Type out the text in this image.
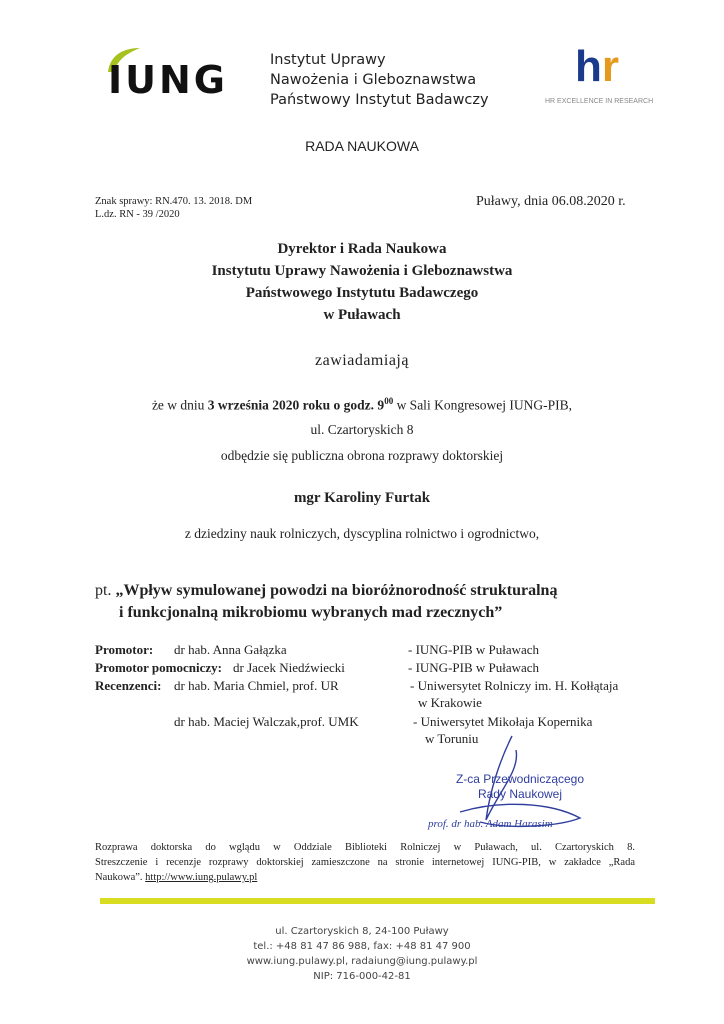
IUNG	Instytut Uprawy
Nawożenia i Gleboznawstwa
Państwowy Instytut Badawczy
hr
HR EXCELLENCE IN RESEARCH
RADA NAUKOWA
Znak sprawy: RN.470. 13. 2018. DM
L.dz. RN - 39 /2020
Puławy, dnia 06.08.2020 r.
Dyrektor i Rada Naukowa
Instytutu Uprawy Nawożenia i Gleboznawstwa
Państwowego Instytutu Badawczego
w Puławach
zawiadamiają
że w dniu 3 września 2020 roku o godz. $9^{00}$ w Sali Kongresowej IUNG-PIB,
ul. Czartoryskich 8
odbędzie się publiczna obrona rozprawy doktorskiej
mgr Karoliny Furtak
z dziedziny nauk rolniczych, dyscyplina rolnictwo i ogrodnictwo,
pt. „Wpływ symulowanej powodzi na bioróżnorodność strukturalną
i funkcjonalną mikrobiomu wybranych mad rzecznych”
Promotor: dr hab. Anna Gałązka	- IUNG-PIB w Puławach
Promotor pomocniczy: dr Jacek Niedźwiecki	- IUNG-PIB w Puławach
Recenzenci: dr hab. Maria Chmiel, prof. UR	- Uniwersytet Rolniczy im. H. Kołłątaja
w Krakowie
dr hab. Maciej Walczak,prof. UMK	- Uniwersytet Mikołaja Kopernika
w Toruniu
Z-ca Przewodniczącego
Rady Naukowej
prof. dr hab. Adam Harasim
Rozprawa doktorska do wglądu w Oddziale Biblioteki Rolniczej w Puławach, ul. Czartoryskich 8.
Streszczenie i recenzje rozprawy doktorskiej zamieszczone na stronie internetowej IUNG-PIB, w zakładce „Rada
Naukowa”. http://www.iung.pulawy.pl
ul. Czartoryskich 8, 24-100 Puławy
tel.: +48 81 47 86 988, fax: +48 81 47 900
www.iung.pulawy.pl, radaiung@iung.pulawy.pl
NIP: 716-000-42-81
